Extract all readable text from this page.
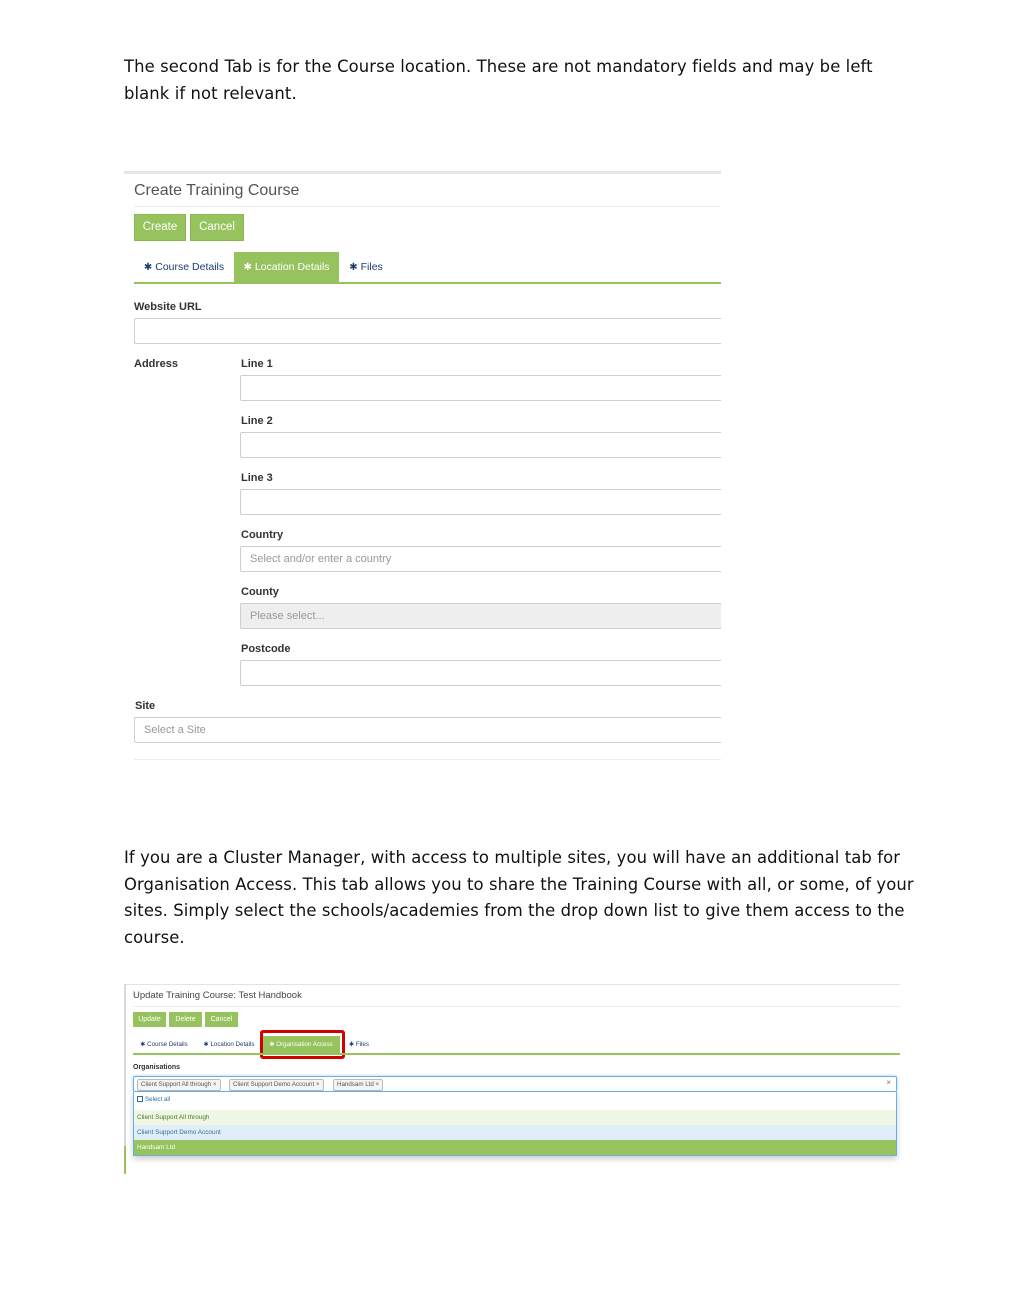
The second Tab is for the Course location. These are not mandatory fields and may be left blank if not relevant.

Create Training Course
Create	Cancel
✱ Course Details	✱ Location Details	✱ Files
Website URL
Address	Line 1
Line 2
Line 3
Country
Select and/or enter a country
County
Please select...
Postcode
Site
Select a Site

If you are a Cluster Manager, with access to multiple sites, you will have an additional tab for Organisation Access. This tab allows you to share the Training Course with all, or some, of your sites. Simply select the schools/academies from the drop down list to give them access to the course.

Update Training Course: Test Handbook
Update	Delete	Cancel
✱ Course Details	✱ Location Details	✱ Organisation Access	✱ Files
Organisations
Client Support All through ×	Client Support Demo Account ×	Handsam Ltd ×	×
Select all
Client Support All through
Client Support Demo Account
Handsam Ltd
